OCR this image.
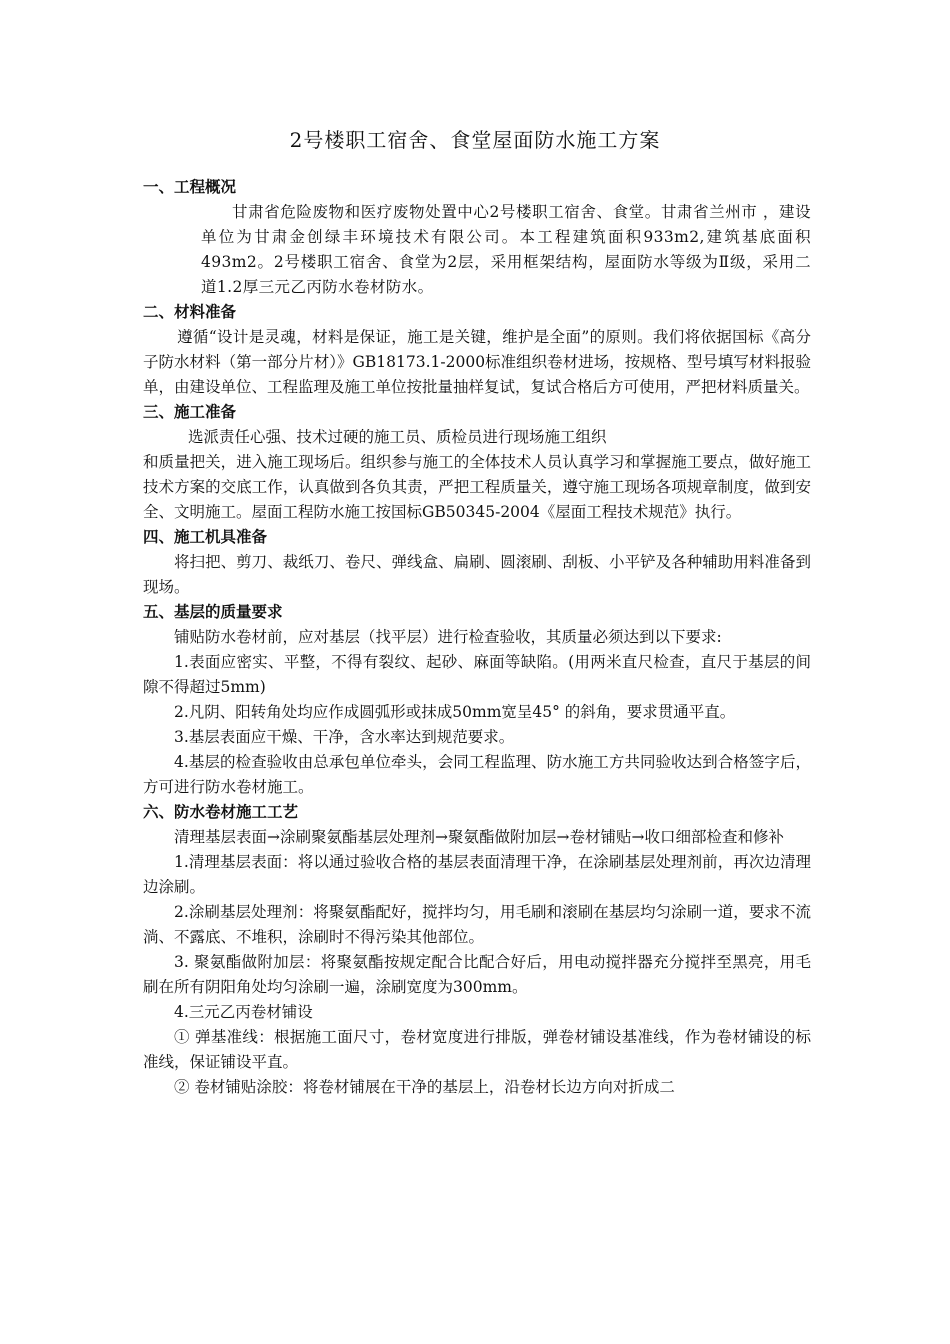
2号楼职工宿舍、食堂屋面防水施工方案
一、工程概况

甘肃省危险废物和医疗废物处置中心2号楼职工宿舍、食堂。甘肃省兰州市 ，建设单位为甘肃金创绿丰环境技术有限公司。本工程建筑面积933m2,建筑基底面积493m2。2号楼职工宿舍、食堂为2层，采用框架结构，屋面防水等级为Ⅱ级，采用二道1.2厚三元乙丙防水卷材防水。

二、材料准备

遵循“设计是灵魂，材料是保证，施工是关键，维护是全面”的原则。我们将依据国标《高分子防水材料（第一部分片材）》GB18173.1-2000标准组织卷材进场，按规格、型号填写材料报验单，由建设单位、工程监理及施工单位按批量抽样复试，复试合格后方可使用，严把材料质量关。

三、施工准备

选派责任心强、技术过硬的施工员、质检员进行现场施工组织

和质量把关，进入施工现场后。组织参与施工的全体技术人员认真学习和掌握施工要点，做好施工技术方案的交底工作，认真做到各负其责，严把工程质量关，遵守施工现场各项规章制度，做到安全、文明施工。屋面工程防水施工按国标GB50345-2004《屋面工程技术规范》执行。

四、施工机具准备

将扫把、剪刀、裁纸刀、卷尺、弹线盒、扁刷、圆滚刷、刮板、小平铲及各种辅助用料准备到现场。

五、基层的质量要求

铺贴防水卷材前，应对基层（找平层）进行检查验收，其质量必须达到以下要求:

1.表面应密实、平整，不得有裂纹、起砂、麻面等缺陷。(用两米直尺检查，直尺于基层的间隙不得超过5mm)

2.凡阴、阳转角处均应作成圆弧形或抹成50mm宽呈45° 的斜角，要求贯通平直。

3.基层表面应干燥、干净，含水率达到规范要求。

4.基层的检查验收由总承包单位牵头，会同工程监理、防水施工方共同验收达到合格签字后，方可进行防水卷材施工。

六、防水卷材施工工艺

清理基层表面→涂刷聚氨酯基层处理剂→聚氨酯做附加层→卷材铺贴→收口细部检查和修补

1.清理基层表面：将以通过验收合格的基层表面清理干净，在涂刷基层处理剂前，再次边清理边涂刷。

2.涂刷基层处理剂：将聚氨酯配好，搅拌均匀，用毛刷和滚刷在基层均匀涂刷一道，要求不流淌、不露底、不堆积，涂刷时不得污染其他部位。

3. 聚氨酯做附加层：将聚氨酯按规定配合比配合好后，用电动搅拌器充分搅拌至黑亮，用毛刷在所有阴阳角处均匀涂刷一遍，涂刷宽度为300mm。

4.三元乙丙卷材铺设

① 弹基准线：根据施工面尺寸，卷材宽度进行排版，弹卷材铺设基准线，作为卷材铺设的标准线，保证铺设平直。

② 卷材铺贴涂胶：将卷材铺展在干净的基层上，沿卷材长边方向对折成二
